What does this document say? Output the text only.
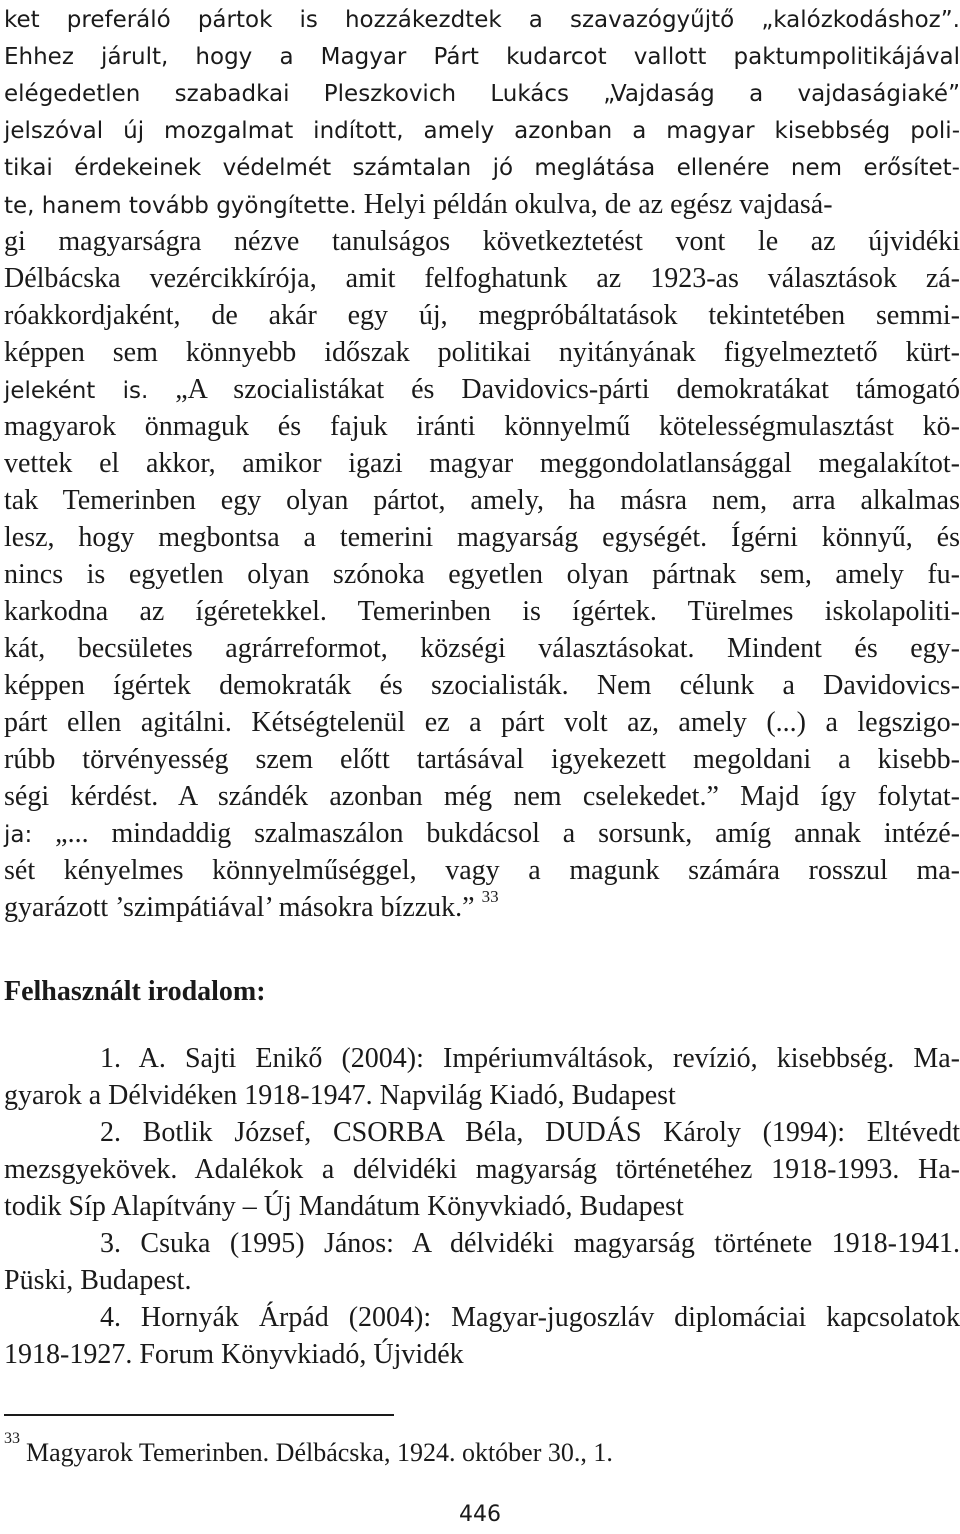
ket preferáló pártok is hozzákezdtek a szavazógyűjtő „kalózkodáshoz”.
Ehhez járult, hogy a Magyar Párt kudarcot vallott paktumpolitikájával
elégedetlen szabadkai Pleszkovich Lukács „Vajdaság a vajdaságiaké”
jelszóval új mozgalmat indított, amely azonban a magyar kisebbség poli-
tikai érdekeinek védelmét számtalan jó meglátása ellenére nem erősítet-
te, hanem tovább gyöngítette. Helyi példán okulva, de az egész vajdasá-
gi magyarságra nézve tanulságos következtetést vont le az újvidéki
Délbácska vezércikkírója, amit felfoghatunk az 1923-as választások zá-
róakkordjaként, de akár egy új, megpróbáltatások tekintetében semmi-
képpen sem könnyebb időszak politikai nyitányának figyelmeztető kürt-
jeleként is. „A szocialistákat és Davidovics-párti demokratákat támogató
magyarok önmaguk és fajuk iránti könnyelmű kötelességmulasztást kö-
vettek el akkor, amikor igazi magyar meggondolatlansággal megalakítot-
tak Temerinben egy olyan pártot, amely, ha másra nem, arra alkalmas
lesz, hogy megbontsa a temerini magyarság egységét. Ígérni könnyű, és
nincs is egyetlen olyan szónoka egyetlen olyan pártnak sem, amely fu-
karkodna az ígéretekkel. Temerinben is ígértek. Türelmes iskolapoliti-
kát, becsületes agrárreformot, községi választásokat. Mindent és egy-
képpen ígértek demokraták és szocialisták. Nem célunk a Davidovics-
párt ellen agitálni. Kétségtelenül ez a párt volt az, amely (...) a legszigo-
rúbb törvényesség szem előtt tartásával igyekezett megoldani a kisebb-
ségi kérdést. A szándék azonban még nem cselekedet.” Majd így folytat-
ja: „... mindaddig szalmaszálon bukdácsol a sorsunk, amíg annak intézé-
sét kényelmes könnyelműséggel, vagy a magunk számára rosszul ma-
gyarázott ’szimpátiával’ másokra bízzuk.” $^{33}$
Felhasznált irodalom:
1. A. Sajti Enikő (2004): Impériumváltások, revízió, kisebbség. Ma-
gyarok a Délvidéken 1918-1947. Napvilág Kiadó, Budapest
2. Botlik József, CSORBA Béla, DUDÁS Károly (1994): Eltévedt
mezsgyekövek. Adalékok a délvidéki magyarság történetéhez 1918-1993. Ha-
todik Síp Alapítvány – Új Mandátum Könyvkiadó, Budapest
3. Csuka (1995) János: A délvidéki magyarság története 1918-1941.
Püski, Budapest.
4. Hornyák Árpád (2004): Magyar-jugoszláv diplomáciai kapcsolatok
1918-1927. Forum Könyvkiadó, Újvidék
$^{33}$ Magyarok Temerinben. Délbácska, 1924. október 30., 1.
446
